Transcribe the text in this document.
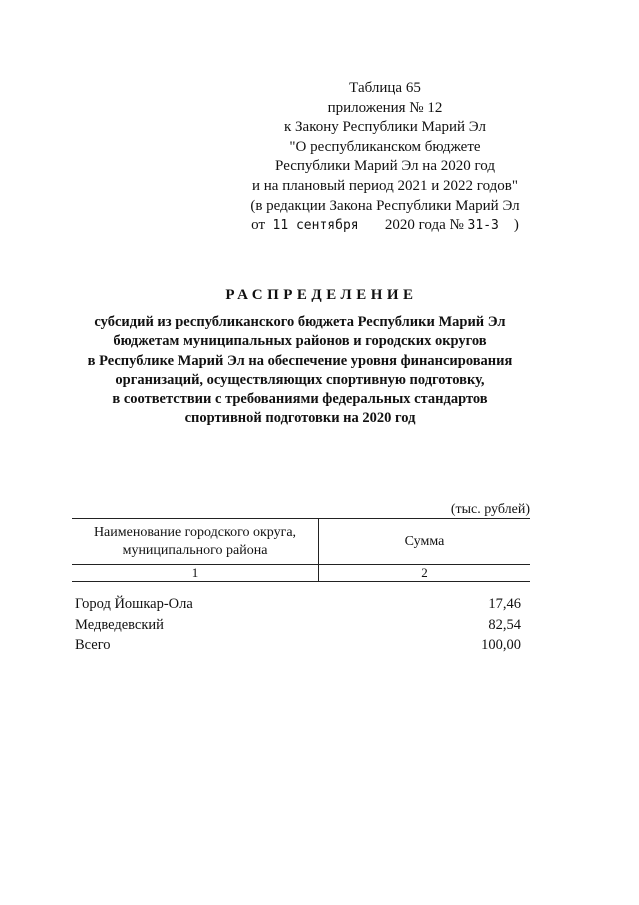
Таблица 65
приложения № 12
к Закону Республики Марий Эл
"О республиканском бюджете
Республики Марий Эл на 2020 год
и на плановый период 2021 и 2022 годов"
(в редакции Закона Республики Марий Эл
от 11 сентября 2020 года № 31-З )
РАСПРЕДЕЛЕНИЕ
субсидий из республиканского бюджета Республики Марий Эл
бюджетам муниципальных районов и городских округов
в Республике Марий Эл на обеспечение уровня финансирования
организаций, осуществляющих спортивную подготовку,
в соответствии с требованиями федеральных стандартов
спортивной подготовки на 2020 год
(тыс. рублей)
Наименование городского округа,
муниципального района	Сумма
1	2
Город Йошкар-Ола	17,46
Медведевский	82,54
Всего	100,00
